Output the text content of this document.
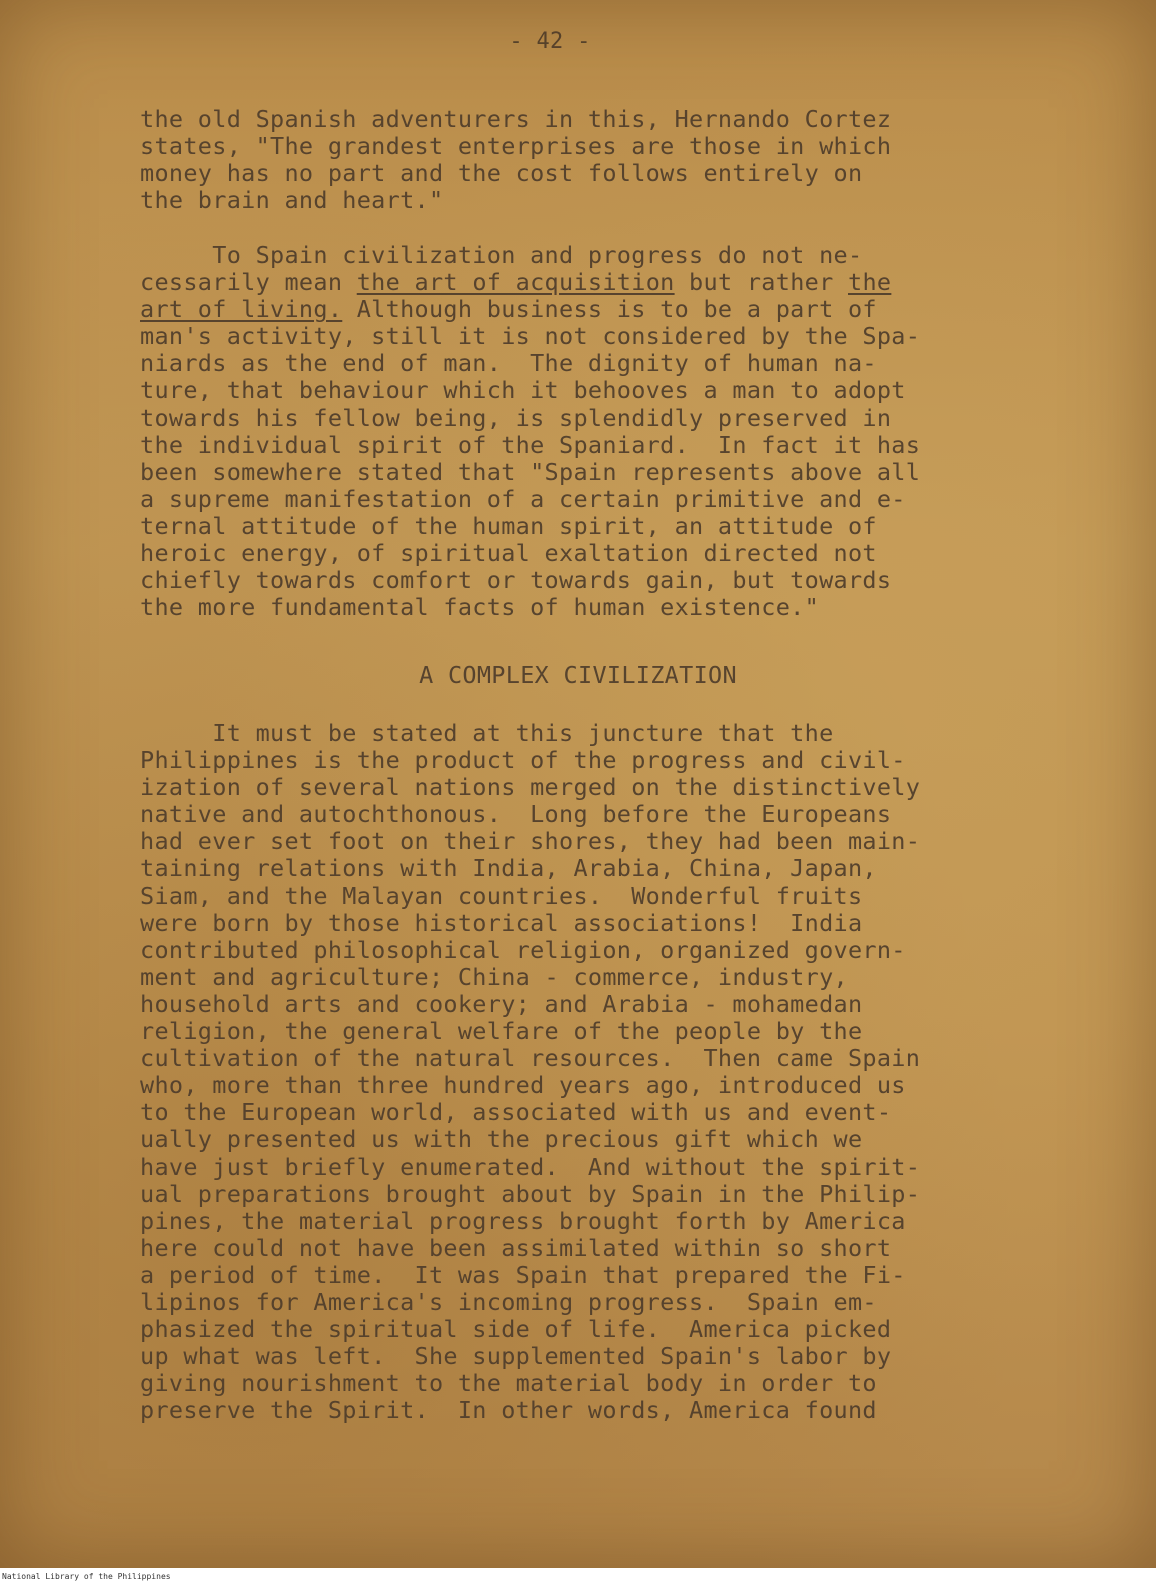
- 42 -
the old Spanish adventurers in this, Hernando Cortez
states, "The grandest enterprises are those in which
money has no part and the cost follows entirely on
the brain and heart."
To Spain civilization and progress do not ne-
cessarily mean the art of acquisition but rather the
art of living. Although business is to be a part of
man's activity, still it is not considered by the Spa-
niards as the end of man.  The dignity of human na-
ture, that behaviour which it behooves a man to adopt
towards his fellow being, is splendidly preserved in
the individual spirit of the Spaniard.  In fact it has
been somewhere stated that "Spain represents above all
a supreme manifestation of a certain primitive and e-
ternal attitude of the human spirit, an attitude of
heroic energy, of spiritual exaltation directed not
chiefly towards comfort or towards gain, but towards
the more fundamental facts of human existence."
A COMPLEX CIVILIZATION
It must be stated at this juncture that the
Philippines is the product of the progress and civil-
ization of several nations merged on the distinctively
native and autochthonous.  Long before the Europeans
had ever set foot on their shores, they had been main-
taining relations with India, Arabia, China, Japan,
Siam, and the Malayan countries.  Wonderful fruits
were born by those historical associations!  India
contributed philosophical religion, organized govern-
ment and agriculture; China - commerce, industry,
household arts and cookery; and Arabia - mohamedan
religion, the general welfare of the people by the
cultivation of the natural resources.  Then came Spain
who, more than three hundred years ago, introduced us
to the European world, associated with us and event-
ually presented us with the precious gift which we
have just briefly enumerated.  And without the spirit-
ual preparations brought about by Spain in the Philip-
pines, the material progress brought forth by America
here could not have been assimilated within so short
a period of time.  It was Spain that prepared the Fi-
lipinos for America's incoming progress.  Spain em-
phasized the spiritual side of life.  America picked
up what was left.  She supplemented Spain's labor by
giving nourishment to the material body in order to
preserve the Spirit.  In other words, America found
National Library of the Philippines
